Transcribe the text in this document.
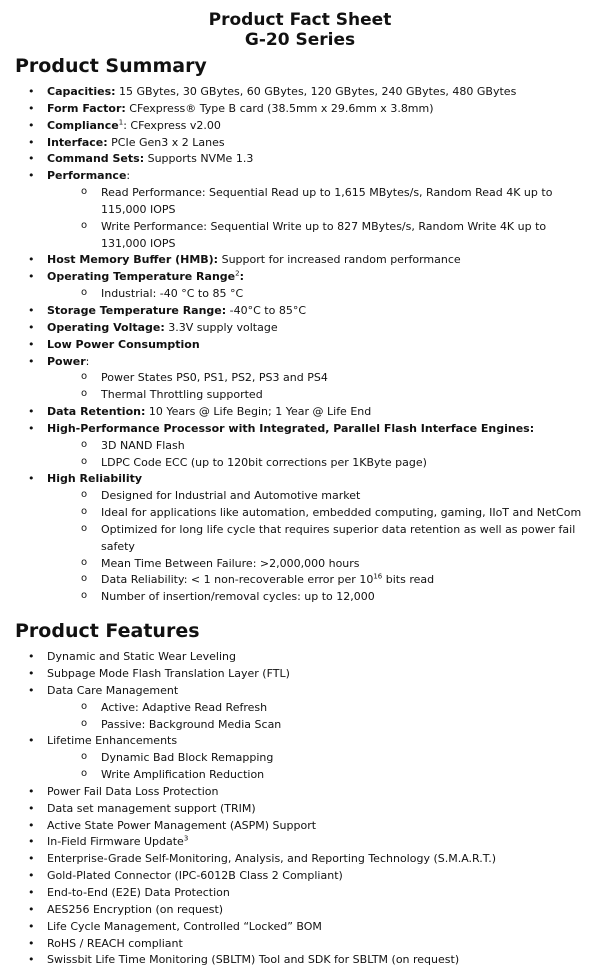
Product Fact Sheet
G-20 Series
Product Summary
• Capacities: 15 GBytes, 30 GBytes, 60 GBytes, 120 GBytes, 240 GBytes, 480 GBytes
• Form Factor: CFexpress® Type B card (38.5mm x 29.6mm x 3.8mm)
• Compliance$^1$: CFexpress v2.00
• Interface: PCIe Gen3 x 2 Lanes
• Command Sets: Supports NVMe 1.3
• Performance:
o Read Performance: Sequential Read up to 1,615 MBytes/s, Random Read 4K up to 115,000 IOPS
o Write Performance: Sequential Write up to 827 MBytes/s, Random Write 4K up to 131,000 IOPS
• Host Memory Buffer (HMB): Support for increased random performance
• Operating Temperature Range$^2$:
o Industrial: -40 °C to 85 °C
• Storage Temperature Range: -40°C to 85°C
• Operating Voltage: 3.3V supply voltage
• Low Power Consumption
• Power:
o Power States PS0, PS1, PS2, PS3 and PS4
o Thermal Throttling supported
• Data Retention: 10 Years @ Life Begin; 1 Year @ Life End
• High-Performance Processor with Integrated, Parallel Flash Interface Engines:
o 3D NAND Flash
o LDPC Code ECC (up to 120bit corrections per 1KByte page)
• High Reliability
o Designed for Industrial and Automotive market
o Ideal for applications like automation, embedded computing, gaming, IIoT and NetCom
o Optimized for long life cycle that requires superior data retention as well as power fail safety
o Mean Time Between Failure: >2,000,000 hours
o Data Reliability: < 1 non-recoverable error per $10^{16}$ bits read
o Number of insertion/removal cycles: up to 12,000
Product Features
• Dynamic and Static Wear Leveling
• Subpage Mode Flash Translation Layer (FTL)
• Data Care Management
o Active: Adaptive Read Refresh
o Passive: Background Media Scan
• Lifetime Enhancements
o Dynamic Bad Block Remapping
o Write Amplification Reduction
• Power Fail Data Loss Protection
• Data set management support (TRIM)
• Active State Power Management (ASPM) Support
• In-Field Firmware Update$^3$
• Enterprise-Grade Self-Monitoring, Analysis, and Reporting Technology (S.M.A.R.T.)
• Gold-Plated Connector (IPC-6012B Class 2 Compliant)
• End-to-End (E2E) Data Protection
• AES256 Encryption (on request)
• Life Cycle Management, Controlled “Locked” BOM
• RoHS / REACH compliant
• Swissbit Life Time Monitoring (SBLTM) Tool and SDK for SBLTM (on request)
